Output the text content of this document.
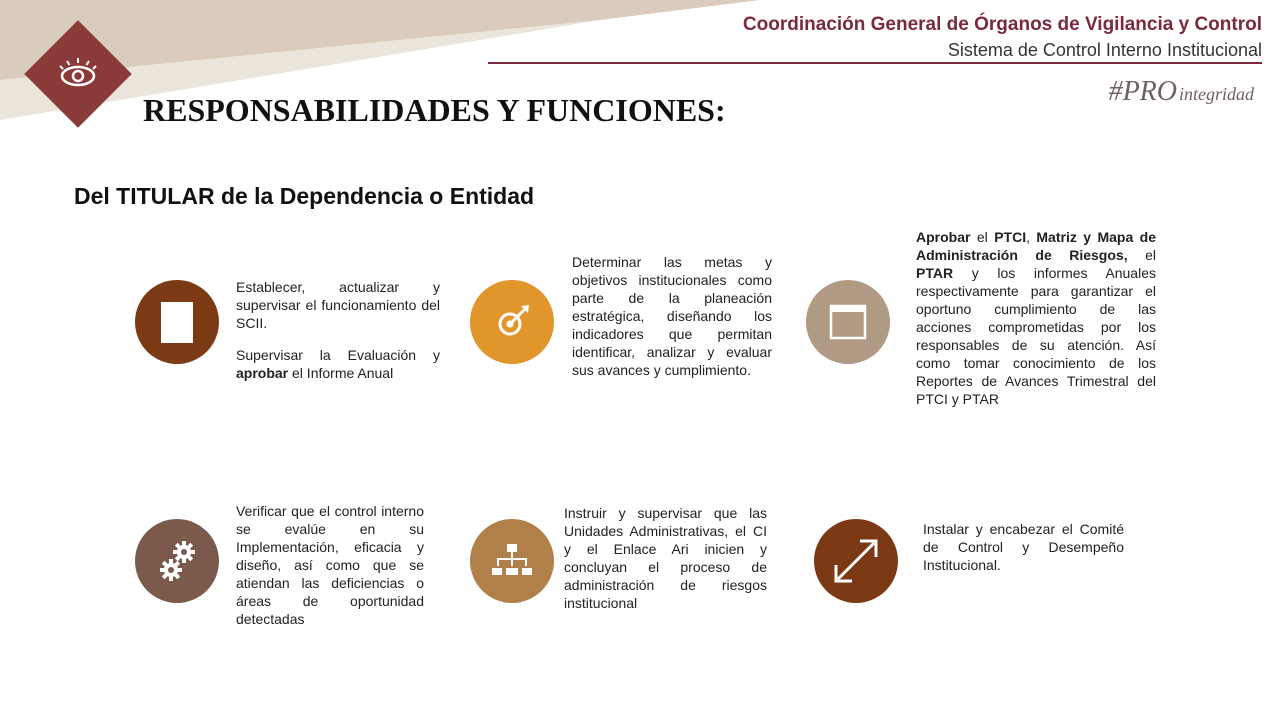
Coordinación General de Órganos de Vigilancia y Control
Sistema de Control Interno Institucional
#PRO integridad
RESPONSABILIDADES Y FUNCIONES:
Del TITULAR de la Dependencia o Entidad

Establecer, actualizar y supervisar el funcionamiento del SCII.

Supervisar la Evaluación y aprobar el Informe Anual

Determinar las metas y objetivos institucionales como parte de la planeación estratégica, diseñando los indicadores que permitan identificar, analizar y evaluar sus avances y cumplimiento.
Aprobar el PTCI, Matriz y Mapa de Administración de Riesgos, el PTAR y los informes Anuales respectivamente para garantizar el oportuno cumplimiento de las acciones comprometidas por los responsables de su atención. Así como tomar conocimiento de los Reportes de Avances Trimestral del PTCI y PTAR
Verificar que el control interno se evalúe en su Implementación, eficacia y diseño, así como que se atiendan las deficiencias o áreas de oportunidad detectadas
Instruir y supervisar que las Unidades Administrativas, el CI y el Enlace Ari inicien y concluyan el proceso de administración de riesgos institucional
Instalar y encabezar el Comité de Control y Desempeño Institucional.
